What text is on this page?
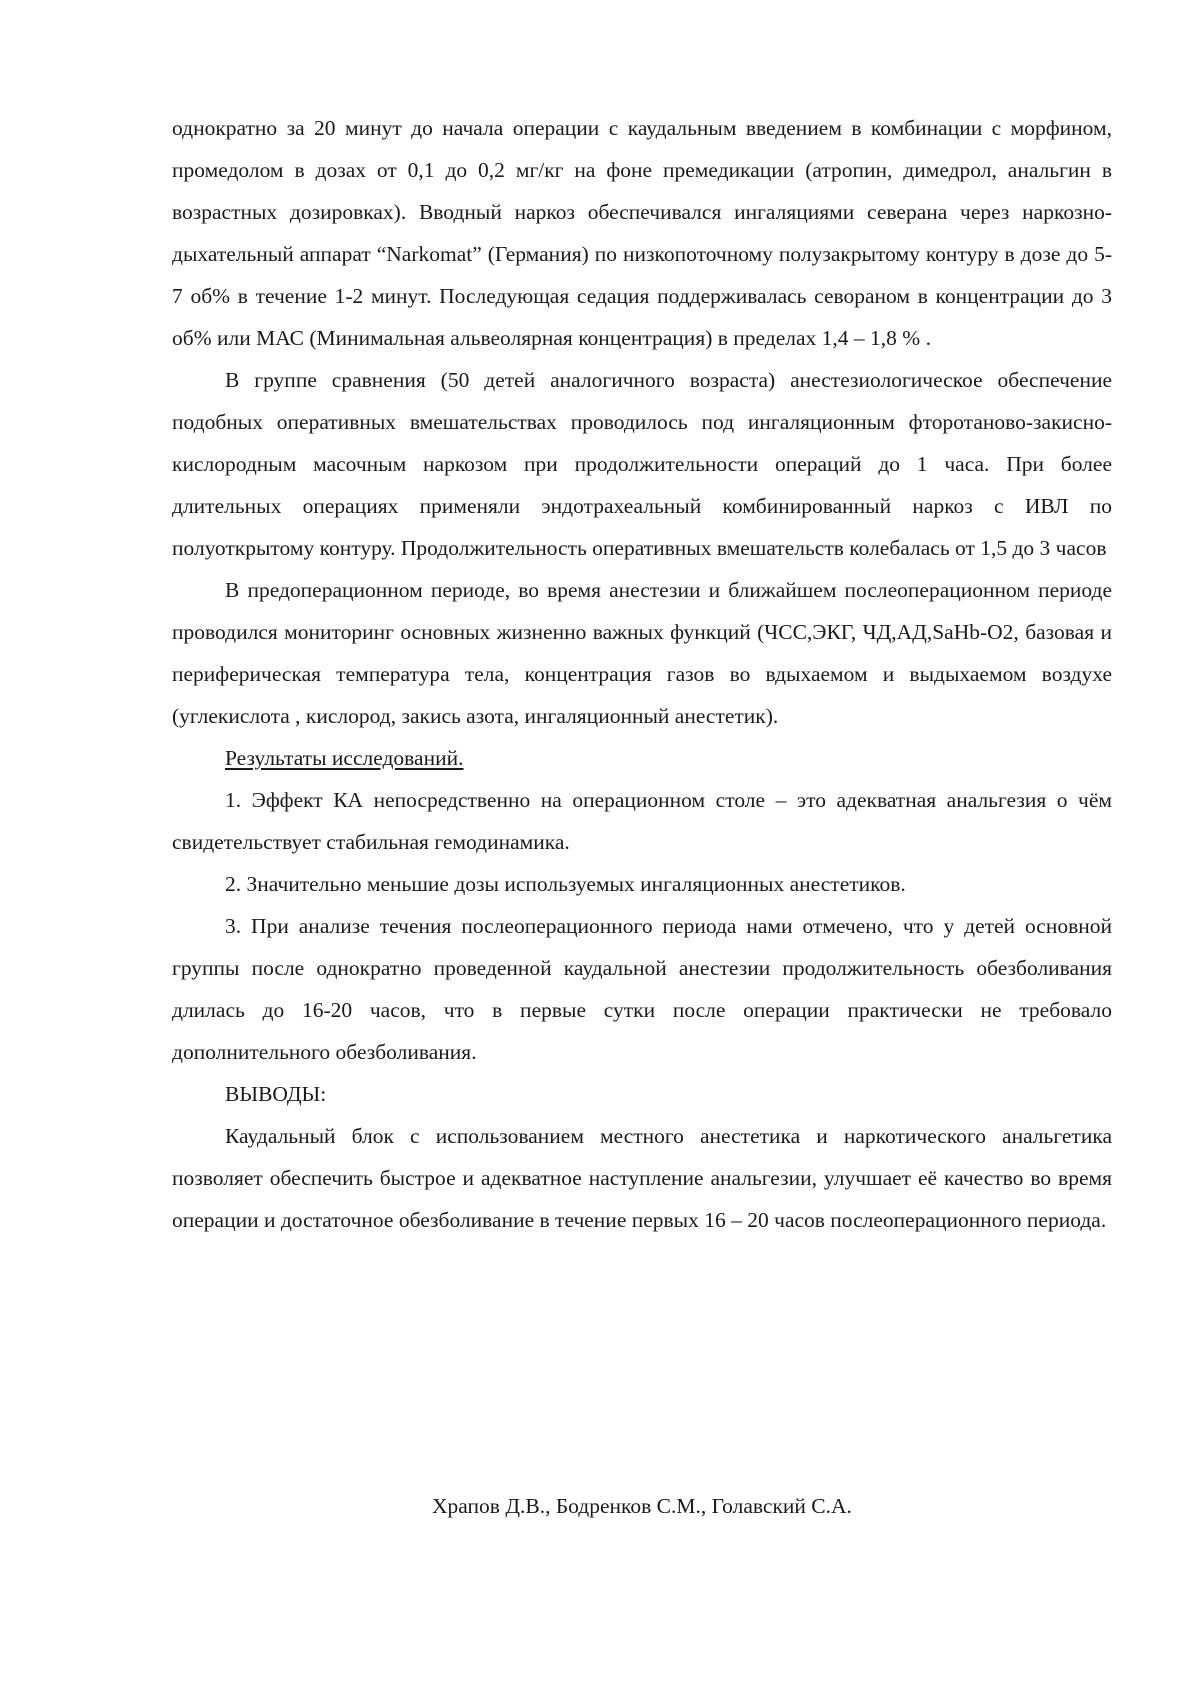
однократно за 20 минут до начала операции с каудальным введением в комбинации с морфином, промедолом в дозах от 0,1 до 0,2 мг/кг на фоне премедикации (атропин, димедрол, анальгин в возрастных дозировках). Вводный наркоз обеспечивался ингаляциями северана через наркозно-дыхательный аппарат “Narkomat” (Германия) по низкопоточному полузакрытому контуру в дозе до 5-7 об% в течение 1-2 минут. Последующая седация поддерживалась севораном в концентрации до 3 об% или МАС (Минимальная альвеолярная концентрация) в пределах 1,4 – 1,8 % .

В группе сравнения (50 детей аналогичного возраста) анестезиологическое обеспечение подобных оперативных вмешательствах проводилось под ингаляционным фторотаново-закисно-кислородным масочным наркозом при продолжительности операций до 1 часа. При более длительных операциях применяли эндотрахеальный комбинированный наркоз с ИВЛ по полуоткрытому контуру. Продолжительность оперативных вмешательств колебалась от 1,5 до 3 часов

В предоперационном периоде, во время анестезии и ближайшем послеоперационном периоде проводился мониторинг основных жизненно важных функций (ЧСС,ЭКГ, ЧД,АД,SaHb-O2, базовая и периферическая температура тела, концентрация газов во вдыхаемом и выдыхаемом воздухе (углекислота , кислород, закись азота, ингаляционный анестетик).

Результаты исследований.

1. Эффект КА непосредственно на операционном столе – это адекватная анальгезия о чём свидетельствует стабильная гемодинамика.

2. Значительно меньшие дозы используемых ингаляционных анестетиков.

3. При анализе течения послеоперационного периода нами отмечено, что у детей основной группы после однократно проведенной каудальной анестезии продолжительность обезболивания длилась до 16-20 часов, что в первые сутки после операции практически не требовало дополнительного обезболивания.

ВЫВОДЫ:

Каудальный блок с использованием местного анестетика и наркотического анальгетика позволяет обеспечить быстрое и адекватное наступление анальгезии, улучшает её качество во время операции и достаточное обезболивание в течение первых 16 – 20 часов послеоперационного периода.

Храпов Д.В., Бодренков С.М., Голавский С.А.
